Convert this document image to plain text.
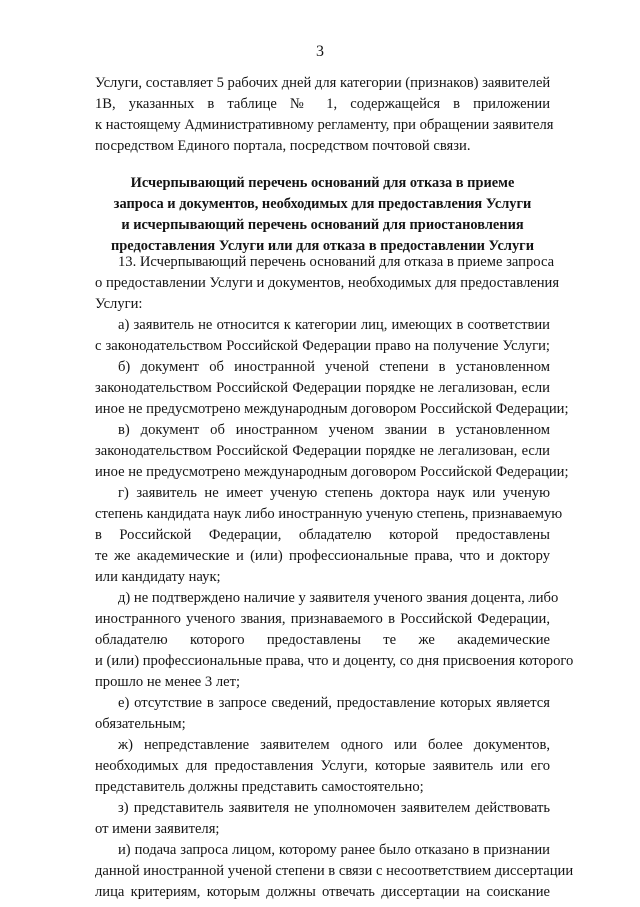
3
Услуги, составляет 5 рабочих дней для категории (признаков) заявителей
1В, указанных в таблице № 1, содержащейся в приложении
к настоящему Административному регламенту, при обращении заявителя
посредством Единого портала, посредством почтовой связи.
Исчерпывающий перечень оснований для отказа в приеме
запроса и документов, необходимых для предоставления Услуги
и исчерпывающий перечень оснований для приостановления
предоставления Услуги или для отказа в предоставлении Услуги
13. Исчерпывающий перечень оснований для отказа в приеме запроса
о предоставлении Услуги и документов, необходимых для предоставления
Услуги:
а) заявитель не относится к категории лиц, имеющих в соответствии
с законодательством Российской Федерации право на получение Услуги;
б) документ об иностранной ученой степени в установленном
законодательством Российской Федерации порядке не легализован, если
иное не предусмотрено международным договором Российской Федерации;
в) документ об иностранном ученом звании в установленном
законодательством Российской Федерации порядке не легализован, если
иное не предусмотрено международным договором Российской Федерации;
г) заявитель не имеет ученую степень доктора наук или ученую
степень кандидата наук либо иностранную ученую степень, признаваемую
в Российской Федерации, обладателю которой предоставлены
те же академические и (или) профессиональные права, что и доктору
или кандидату наук;
д) не подтверждено наличие у заявителя ученого звания доцента, либо
иностранного ученого звания, признаваемого в Российской Федерации,
обладателю которого предоставлены те же академические
и (или) профессиональные права, что и доценту, со дня присвоения которого
прошло не менее 3 лет;
е) отсутствие в запросе сведений, предоставление которых является
обязательным;
ж) непредставление заявителем одного или более документов,
необходимых для предоставления Услуги, которые заявитель или его
представитель должны представить самостоятельно;
з) представитель заявителя не уполномочен заявителем действовать
от имени заявителя;
и) подача запроса лицом, которому ранее было отказано в признании
данной иностранной ученой степени в связи с несоответствием диссертации
лица критериям, которым должны отвечать диссертации на соискание
